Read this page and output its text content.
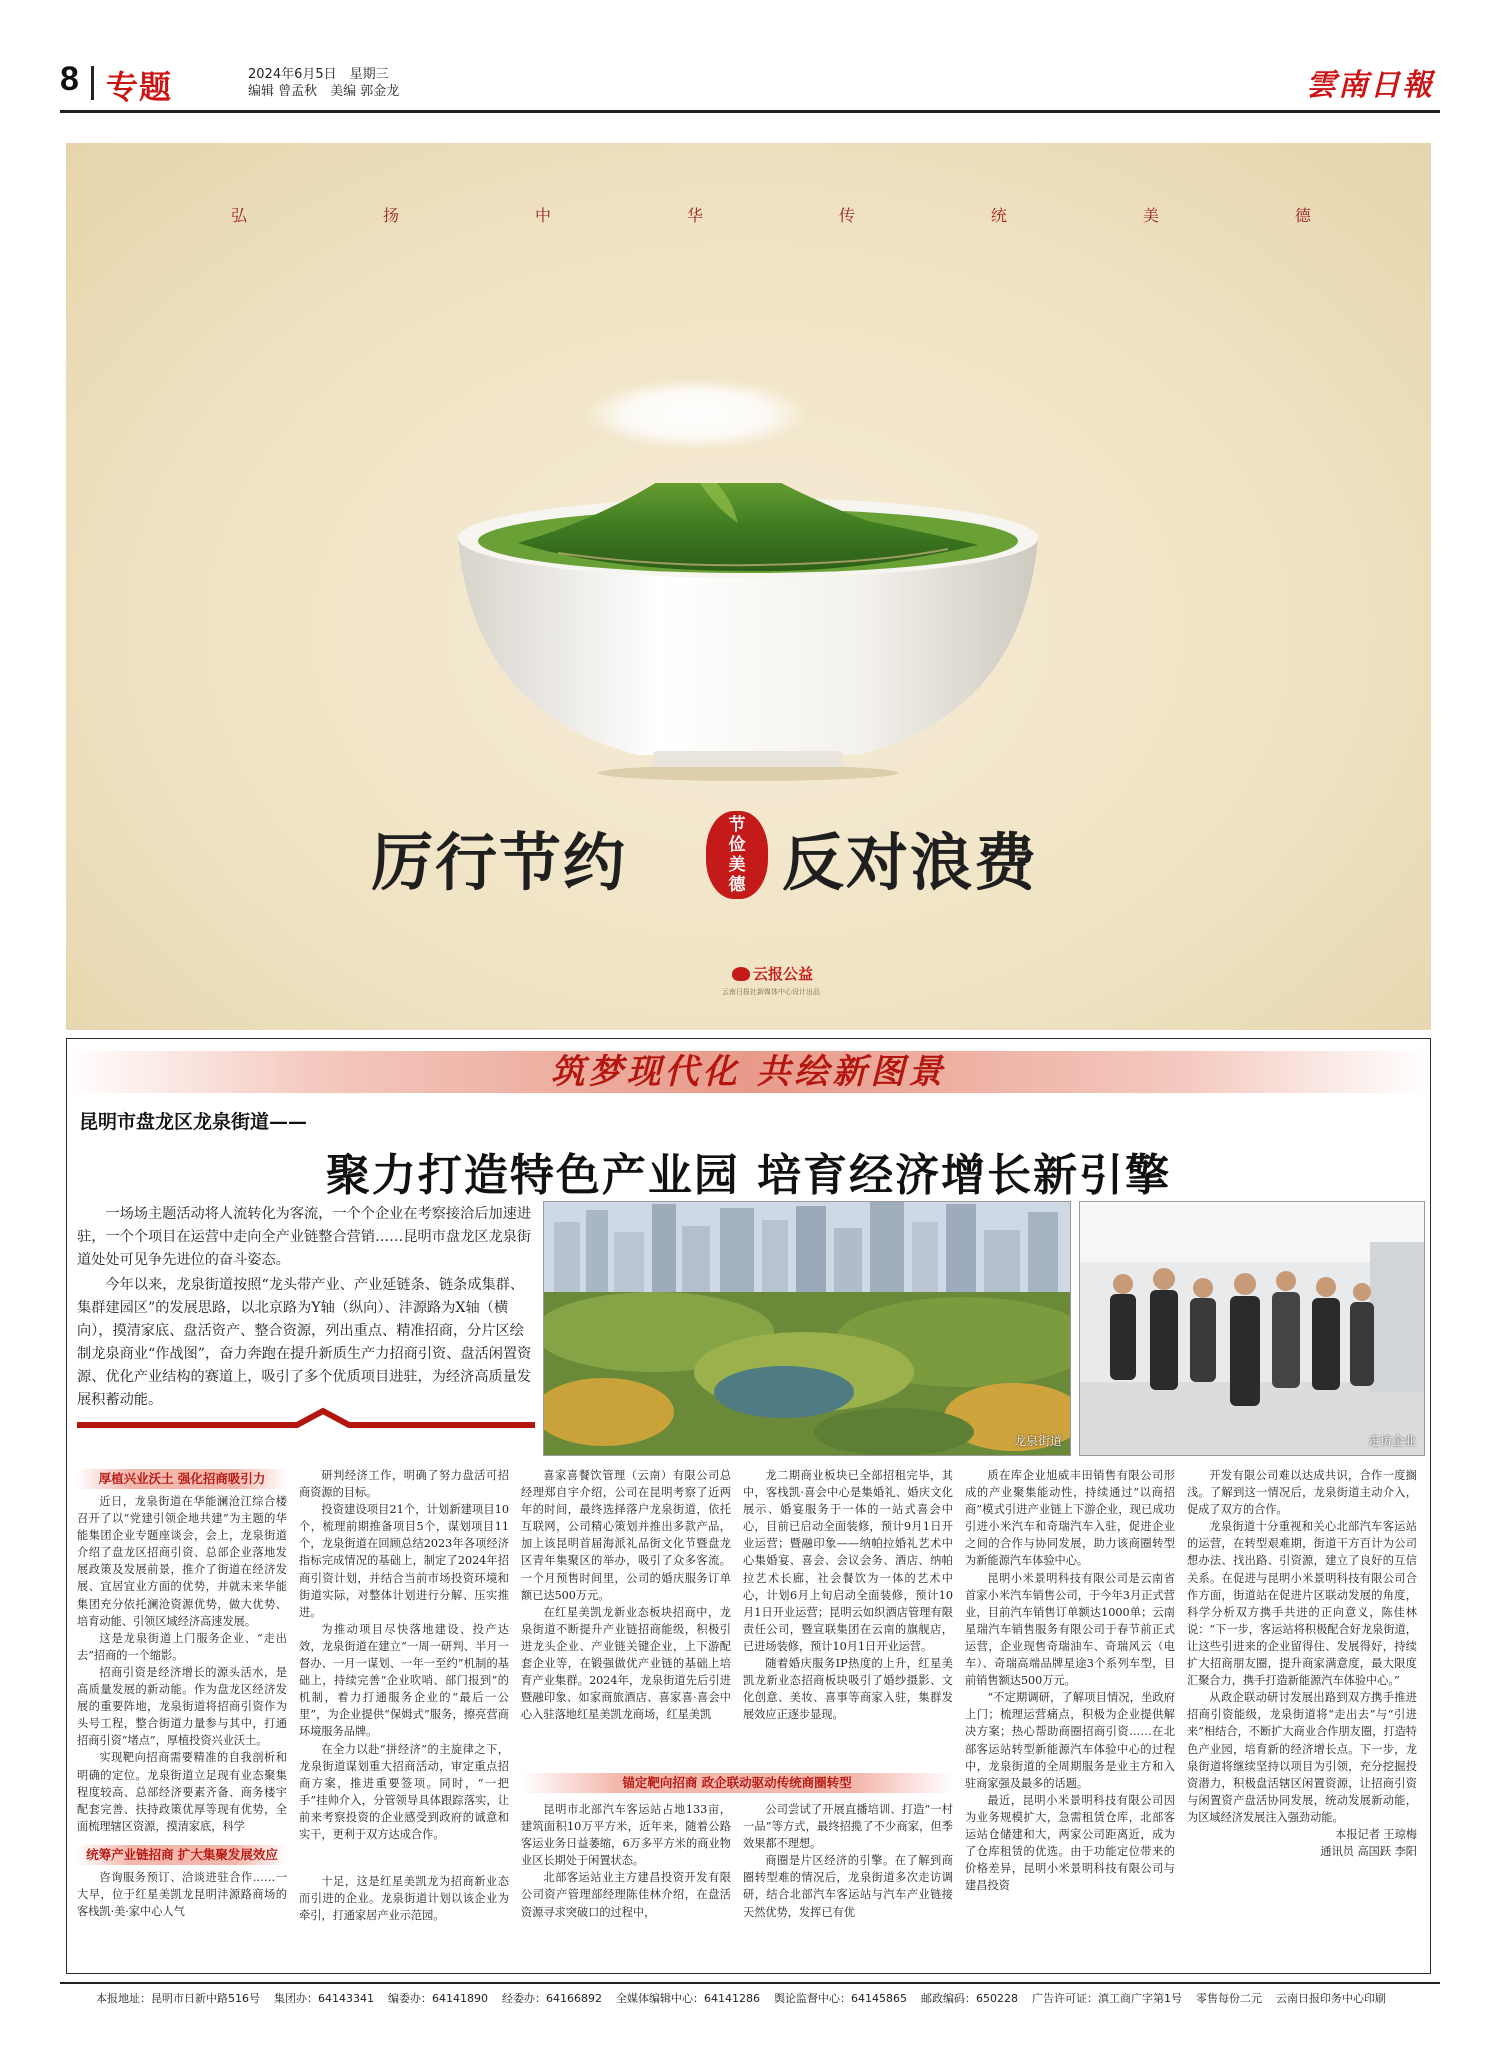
8 专题	2024年6月5日　星期三
编辑 曾孟秋　美编 郭金龙	雲南日報
弘	扬	中	华	传	统	美	德
厉行节约
节
俭
美
德 反对浪费
云报公益
云南日报社新媒体中心设计出品
筑梦现代化 共绘新图景
昆明市盘龙区龙泉街道——
聚力打造特色产业园 培育经济增长新引擎

一场场主题活动将人流转化为客流，一个个企业在考察接洽后加速进驻，一个个项目在运营中走向全产业链整合营销……昆明市盘龙区龙泉街道处处可见争先进位的奋斗姿态。

今年以来，龙泉街道按照“龙头带产业、产业延链条、链条成集群、集群建园区”的发展思路，以北京路为Y轴（纵向）、沣源路为X轴（横向），摸清家底、盘活资产、整合资源，列出重点、精准招商，分片区绘制龙泉商业“作战图”，奋力奔跑在提升新质生产力招商引资、盘活闲置资源、优化产业结构的赛道上，吸引了多个优质项目进驻，为经济高质量发展积蓄动能。

龙泉街道	走访企业
厚植兴业沃土 强化招商吸引力

近日，龙泉街道在华能澜沧江综合楼召开了以“党建引领企地共建”为主题的华能集团企业专题座谈会，会上，龙泉街道介绍了盘龙区招商引资、总部企业落地发展政策及发展前景，推介了街道在经济发展、宜居宜业方面的优势，并就未来华能集团充分依托澜沧资源优势，做大优势、培育动能、引领区域经济高速发展。

这是龙泉街道上门服务企业、“走出去”招商的一个缩影。

招商引资是经济增长的源头活水，是高质量发展的新动能。作为盘龙区经济发展的重要阵地，龙泉街道将招商引资作为头号工程，整合街道力量参与其中，打通招商引资“堵点”，厚植投资兴业沃土。

实现靶向招商需要精准的自我剖析和明确的定位。龙泉街道立足现有业态聚集程度较高、总部经济要素齐备、商务楼宇配套完善、扶持政策优厚等现有优势，全面梳理辖区资源，摸清家底，科学

统筹产业链招商 扩大集聚发展效应

咨询服务预订、洽谈进驻合作……一大早，位于红星美凯龙昆明沣源路商场的客栈凯·美·家中心人气

研判经济工作，明确了努力盘活可招商资源的目标。

投资建设项目21个，计划新建项目10个，梳理前期推备项目5个，谋划项目11个，龙泉街道在回顾总结2023年各项经济指标完成情况的基础上，制定了2024年招商引资计划，并结合当前市场投资环境和街道实际，对整体计划进行分解、压实推进。

为推动项目尽快落地建设、投产达效，龙泉街道在建立“一周一研判、半月一督办、一月一谋划、一年一至约”机制的基础上，持续完善“企业吹哨、部门报到”的机制，着力打通服务企业的“最后一公里”，为企业提供“保姆式”服务，擦亮营商环境服务品牌。

在全力以赴“拼经济”的主旋律之下，龙泉街道谋划重大招商活动，审定重点招商方案，推进重要签项。同时，“一把手”挂帅介入，分管领导具体跟踪落实，让前来考察投资的企业感受到政府的诚意和实干，更利于双方达成合作。

十足，这是红星美凯龙为招商新业态而引进的企业。龙泉街道计划以该企业为牵引，打通家居产业示范园。

喜家喜餐饮管理（云南）有限公司总经理郑自宇介绍，公司在昆明考察了近两年的时间，最终选择落户龙泉街道，依托互联网，公司精心策划并推出多款产品，加上该昆明首届海派礼品街文化节暨盘龙区青年集聚区的举办，吸引了众多客流。一个月预售时间里，公司的婚庆服务订单额已达500万元。

在红星美凯龙新业态板块招商中，龙泉街道不断提升产业链招商能级，积极引进龙头企业、产业链关键企业，上下游配套企业等，在锻强做优产业链的基础上培育产业集群。2024年，龙泉街道先后引进暨融印象、如家商旅酒店、喜家喜·喜会中心入驻落地红星美凯龙商场，红星美凯

龙二期商业板块已全部招租完毕，其中，客栈凯·喜会中心是集婚礼、婚庆文化展示、婚宴服务于一体的一站式喜会中心，目前已启动全面装修，预计9月1日开业运营；暨融印象——纳帕拉婚礼艺术中心集婚宴、喜会、会议会务、酒店、纳帕拉艺术长廊，社会餐饮为一体的艺术中心，计划6月上旬启动全面装修，预计10月1日开业运营；昆明云如织酒店管理有限责任公司，暨宣联集团在云南的旗舰店，已进场装修，预计10月1日开业运营。

随着婚庆服务IP热度的上升，红星美凯龙新业态招商板块吸引了婚纱摄影、文化创意、美妆、喜事等商家入驻，集群发展效应正逐步显现。

锚定靶向招商 政企联动驱动传统商圈转型

昆明市北部汽车客运站占地133亩，建筑面积10万平方米，近年来，随着公路客运业务日益萎缩，6万多平方米的商业物业区长期处于闲置状态。

北部客运站业主方建昌投资开发有限公司资产管理部经理陈佳林介绍，在盘活资源寻求突破口的过程中，

公司尝试了开展直播培训、打造“一村一品”等方式，最终招揽了不少商家，但季效果都不理想。

商圈是片区经济的引擎。在了解到商圈转型难的情况后，龙泉街道多次走访调研，结合北部汽车客运站与汽车产业链接天然优势，发挥已有优

质在库企业旭威丰田销售有限公司形成的产业聚集能动性，持续通过“以商招商”模式引进产业链上下游企业，现已成功引进小米汽车和奇瑞汽车入驻，促进企业之间的合作与协同发展，助力该商圈转型为新能源汽车体验中心。

昆明小米景明科技有限公司是云南省首家小米汽车销售公司，于今年3月正式营业，目前汽车销售订单额达1000单；云南星瑞汽车销售服务有限公司于春节前正式运营，企业现售奇瑞油车、奇瑞风云（电车）、奇瑞高端品牌星途3个系列车型，目前销售额达500万元。

“不定期调研，了解项目情况，坐政府上门；梳理运营痛点，积极为企业提供解决方案；热心帮助商圈招商引资……在北部客运站转型新能源汽车体验中心的过程中，龙泉街道的全周期服务是业主方和入驻商家强及最多的话题。

最近，昆明小米景明科技有限公司因为业务规模扩大，急需租赁仓库，北部客运站仓储建和大，两家公司距离近，成为了仓库租赁的优选。由于功能定位带来的价格差异，昆明小米景明科技有限公司与建昌投资

开发有限公司难以达成共识，合作一度搁浅。了解到这一情况后，龙泉街道主动介入，促成了双方的合作。

龙泉街道十分重视和关心北部汽车客运站的运营，在转型艰难期，街道干方百计为公司想办法、找出路、引资源，建立了良好的互信关系。在促进与昆明小米景明科技有限公司合作方面，街道站在促进片区联动发展的角度，科学分析双方携手共进的正向意义，陈佳林说：“下一步，客运站将积极配合好龙泉街道，让这些引进来的企业留得住、发展得好，持续扩大招商朋友圈，提升商家满意度，最大限度汇聚合力，携手打造新能源汽车体验中心。”

从政企联动研讨发展出路到双方携手推进招商引资能级，龙泉街道将“走出去”与“引进来”相结合，不断扩大商业合作朋友圈，打造特色产业园，培育新的经济增长点。下一步，龙泉街道将继续坚持以项目为引领，充分挖掘投资潜力，积极盘活辖区闲置资源，让招商引资与闲置资产盘活协同发展，统动发展新动能，为区域经济发展注入强劲动能。

本报记者 王琼梅

通讯员 高国跃 李阳

本报地址：昆明市日新中路516号 集团办：64143341 编委办：64141890 经委办：64166892 全媒体编辑中心：64141286 舆论监督中心：64145865 邮政编码：650228 广告许可证：滇工商广字第1号 零售每份二元 云南日报印务中心印刷
